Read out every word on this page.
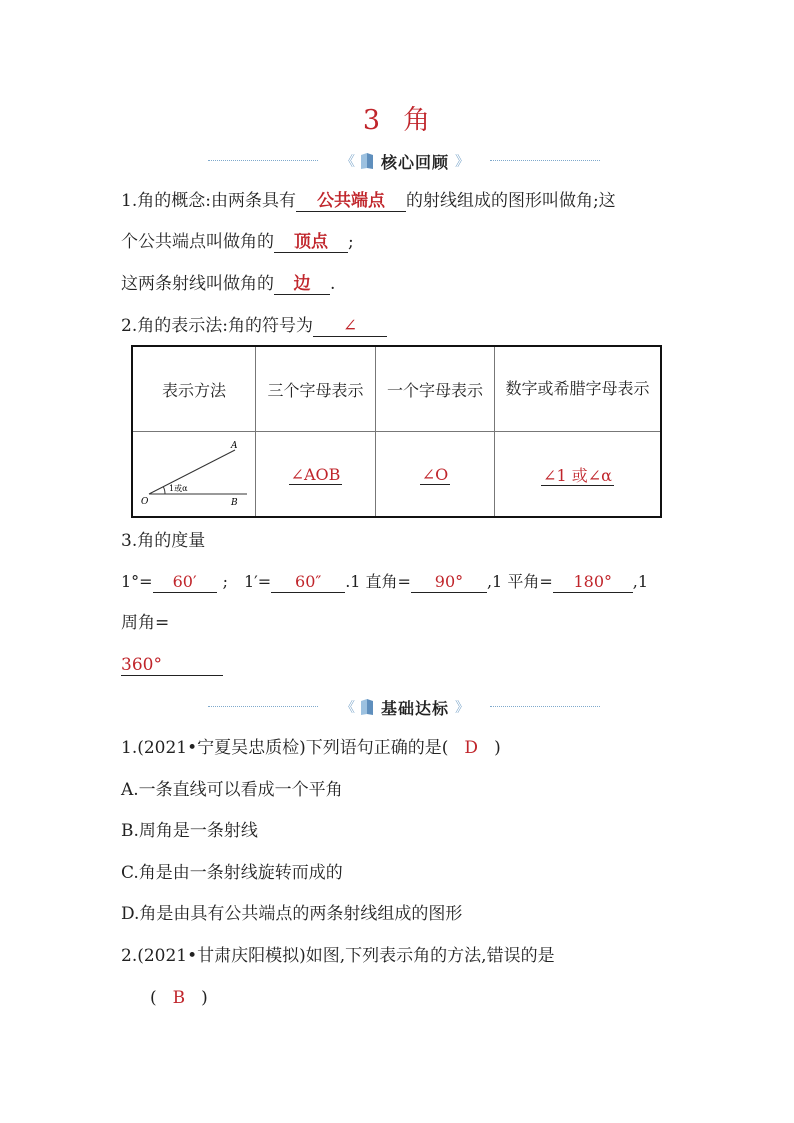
3 角
《 核心回顾 》
1.角的概念:由两条具有 公共端点 的射线组成的图形叫做角;这
个公共端点叫做角的 顶点 ;
这两条射线叫做角的 边 .
2.角的表示法:角的符号为 ∠
表示方法	三个字母表示	一个字母表示	数字或希腊字母表示

A
O B
1或α	∠AOB	∠O	∠1 或∠α
3.角的度量
1°= 60′ ; 1′= 60″ .1 直角= 90° ,1 平角= 180° ,1
周角=
360°
《 基础达标 》
1.(2021•宁夏吴忠质检)下列语句正确的是( D )
A.一条直线可以看成一个平角
B.周角是一条射线
C.角是由一条射线旋转而成的
D.角是由具有公共端点的两条射线组成的图形
2.(2021•甘肃庆阳模拟)如图,下列表示角的方法,错误的是
( B )
